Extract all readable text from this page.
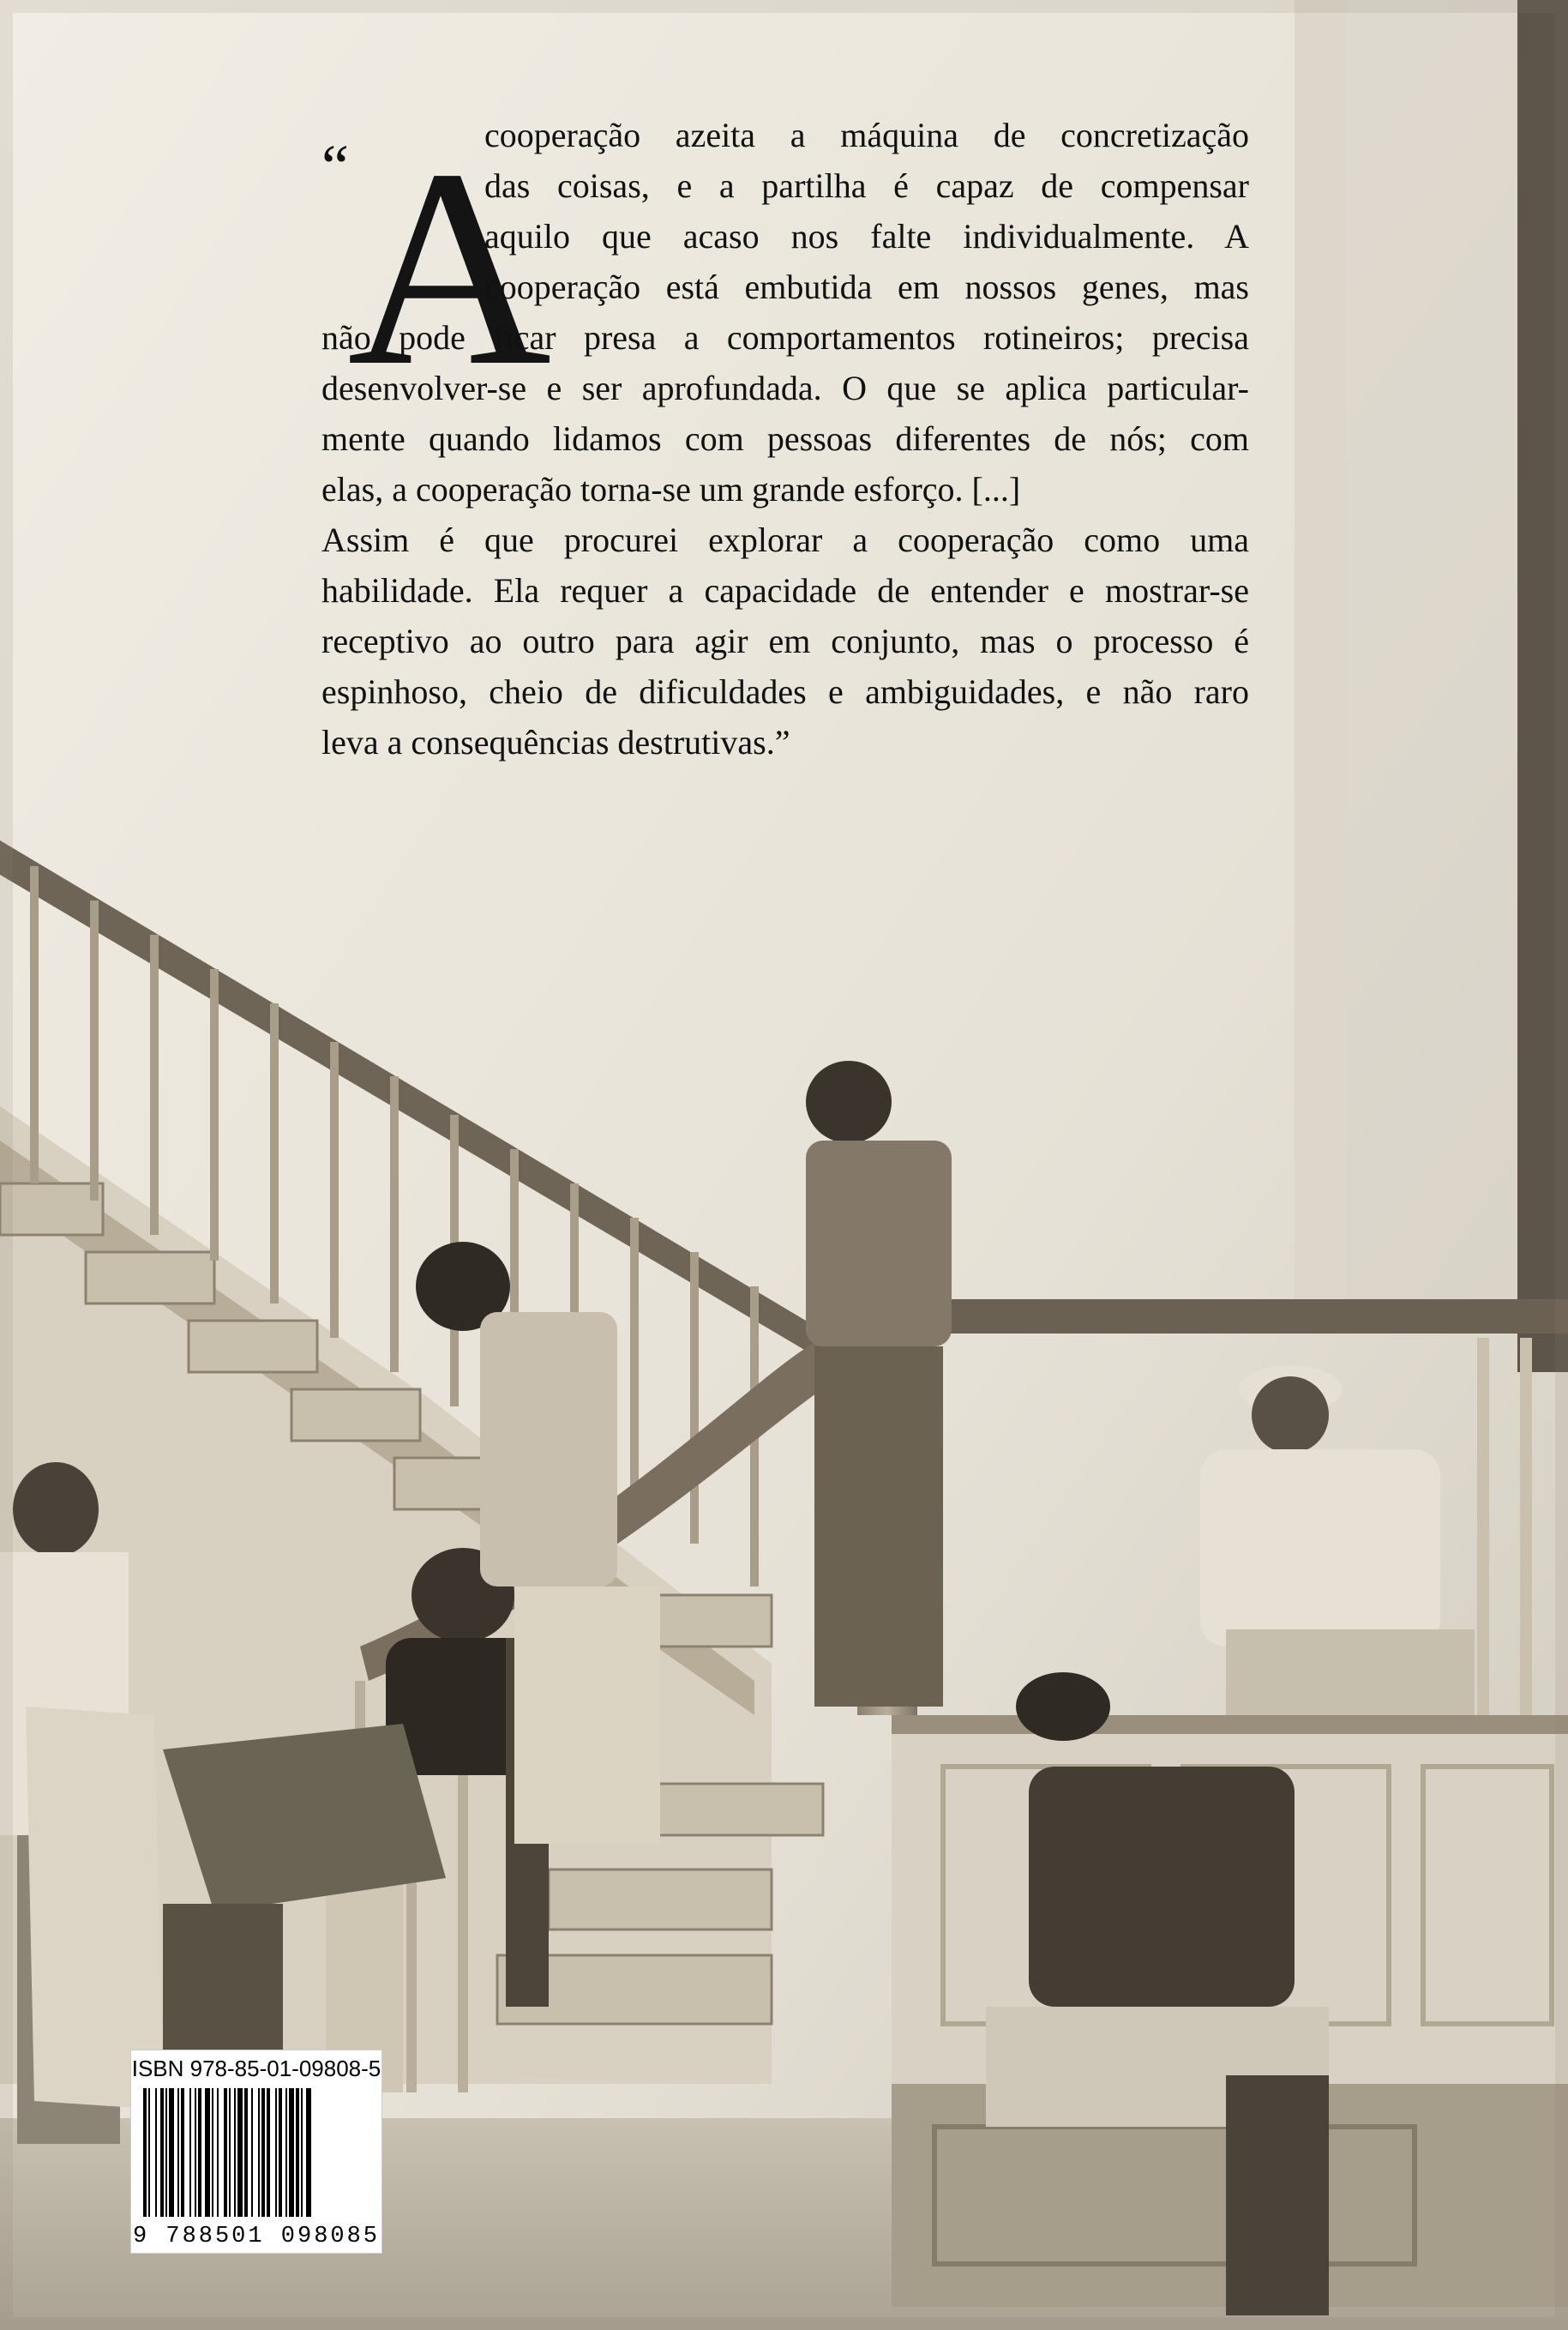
“
A
cooperação azeita a máquina de concretização
das coisas, e a partilha é capaz de compensar
aquilo que acaso nos falte individualmente. A
cooperação está embutida em nossos genes, mas
não pode ficar presa a comportamentos rotineiros; precisa
desenvolver-se e ser aprofundada. O que se aplica particular-
mente quando lidamos com pessoas diferentes de nós; com
elas, a cooperação torna-se um grande esforço. [...]
Assim é que procurei explorar a cooperação como uma
habilidade. Ela requer a capacidade de entender e mostrar-se
receptivo ao outro para agir em conjunto, mas o processo é
espinhoso, cheio de dificuldades e ambiguidades, e não raro
leva a consequências destrutivas.”
ISBN 978-85-01-09808-5
9 788501 098085
